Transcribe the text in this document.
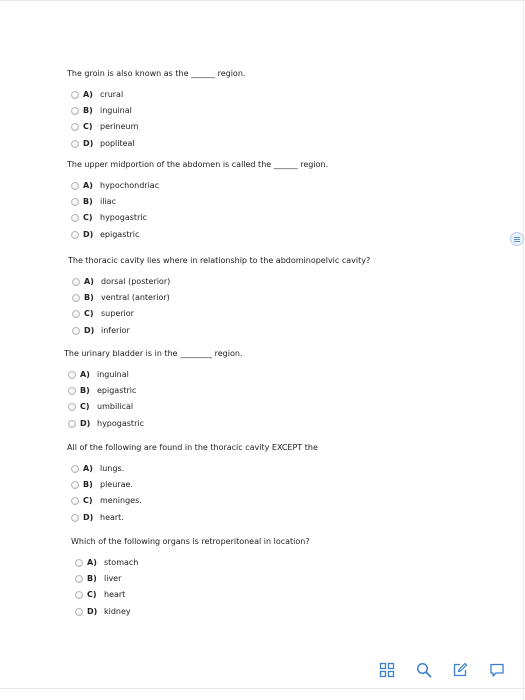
The groin is also known as the ______ region.
A) crural
B) inguinal
C) perineum
D) popliteal
The upper midportion of the abdomen is called the ______ region.
A) hypochondriac
B) iliac
C) hypogastric
D) epigastric
The thoracic cavity lies where in relationship to the abdominopelvic cavity?
A) dorsal (posterior)
B) ventral (anterior)
C) superior
D) inferior
The urinary bladder is in the ________ region.
A) inguinal
B) epigastric
C) umbilical
D) hypogastric
All of the following are found in the thoracic cavity EXCEPT the
A) lungs.
B) pleurae.
C) meninges.
D) heart.
Which of the following organs is retroperitoneal in location?
A) stomach
B) liver
C) heart
D) kidney
